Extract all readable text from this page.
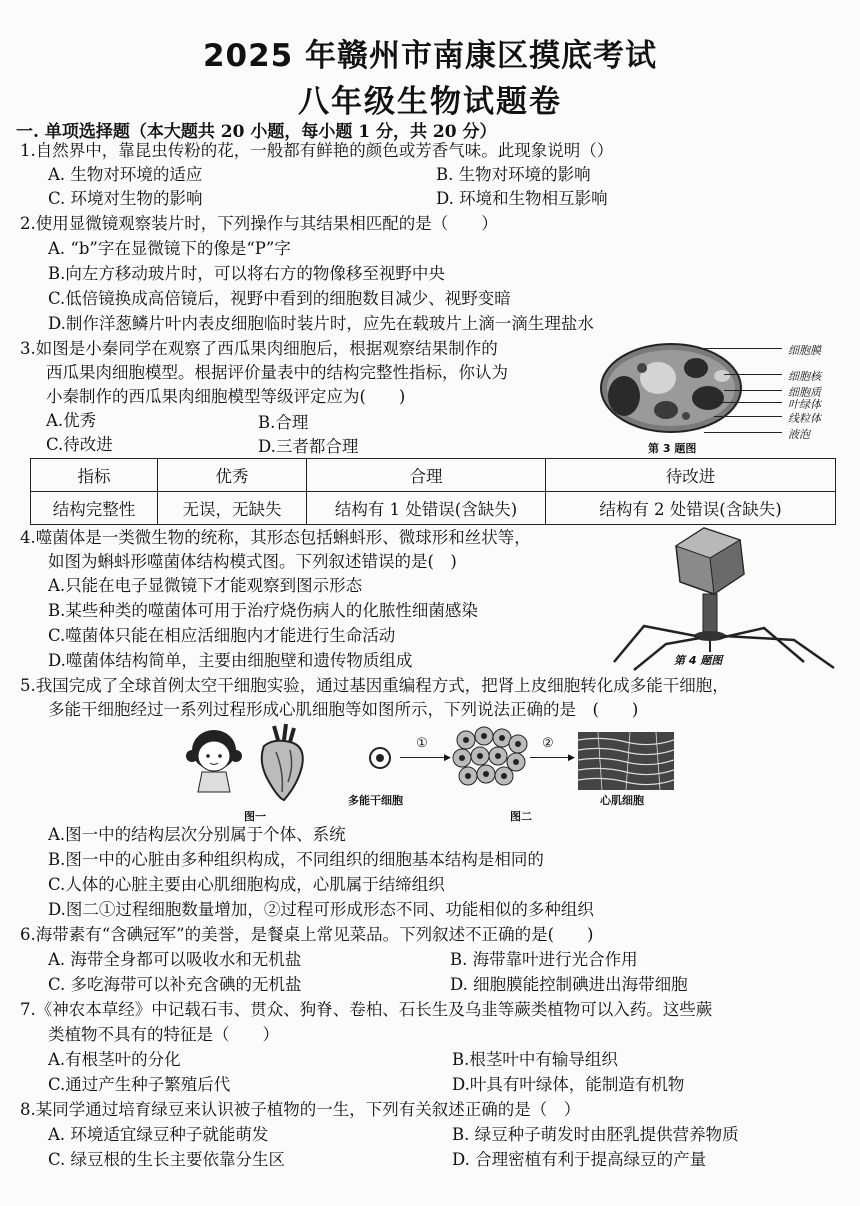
2025 年赣州市南康区摸底考试
八年级生物试题卷
一. 单项选择题（本大题共 20 小题，每小题 1 分，共 20 分）
1.自然界中，靠昆虫传粉的花，一般都有鲜艳的颜色或芳香气味。此现象说明（）
A. 生物对环境的适应	B. 生物对环境的影响
C. 环境对生物的影响	D. 环境和生物相互影响
2.使用显微镜观察装片时，下列操作与其结果相匹配的是（　　）
A. “b”字在显微镜下的像是“P”字
B.向左方移动玻片时，可以将右方的物像移至视野中央
C.低倍镜换成高倍镜后，视野中看到的细胞数目减少、视野变暗
D.制作洋葱鳞片叶内表皮细胞临时装片时，应先在载玻片上滴一滴生理盐水
3.如图是小秦同学在观察了西瓜果肉细胞后，根据观察结果制作的
西瓜果肉细胞模型。根据评价量表中的结构完整性指标，你认为
小秦制作的西瓜果肉细胞模型等级评定应为(　　)
A.优秀	B.合理
C.待改进	D.三者都合理
细胞膜
细胞核
细胞质
叶绿体
线粒体
液泡
第 3 题图
指标	优秀	合理	待改进
结构完整性	无误，无缺失	结构有 1 处错误(含缺失)	结构有 2 处错误(含缺失)
4.噬菌体是一类微生物的统称，其形态包括蝌蚪形、微球形和丝状等，
如图为蝌蚪形噬菌体结构模式图。下列叙述错误的是(　)
A.只能在电子显微镜下才能观察到图示形态
B.某些种类的噬菌体可用于治疗烧伤病人的化脓性细菌感染
C.噬菌体只能在相应活细胞内才能进行生命活动
D.噬菌体结构简单，主要由细胞壁和遗传物质组成	第 4 题图
5.我国完成了全球首例太空干细胞实验，通过基因重编程方式，把肾上皮细胞转化成多能干细胞，
多能干细胞经过一系列过程形成心肌细胞等如图所示，下列说法正确的是　(　　)
图一
▶
①
▶
②
多能干细胞
图二
心肌细胞
A.图一中的结构层次分别属于个体、系统
B.图一中的心脏由多种组织构成，不同组织的细胞基本结构是相同的
C.人体的心脏主要由心肌细胞构成，心肌属于结缔组织
D.图二①过程细胞数量增加，②过程可形成形态不同、功能相似的多种组织
6.海带素有“含碘冠军”的美誉，是餐桌上常见菜品。下列叙述不正确的是(　　)
A. 海带全身都可以吸收水和无机盐	B. 海带靠叶进行光合作用
C. 多吃海带可以补充含碘的无机盐	D. 细胞膜能控制碘进出海带细胞
7.《神农本草经》中记载石韦、贯众、狗脊、卷柏、石长生及乌韭等蕨类植物可以入药。这些蕨
类植物不具有的特征是（　　）
A.有根茎叶的分化	B.根茎叶中有输导组织
C.通过产生种子繁殖后代	D.叶具有叶绿体，能制造有机物
8.某同学通过培育绿豆来认识被子植物的一生，下列有关叙述正确的是（　）
A. 环境适宜绿豆种子就能萌发	B. 绿豆种子萌发时由胚乳提供营养物质
C. 绿豆根的生长主要依靠分生区	D. 合理密植有利于提高绿豆的产量
